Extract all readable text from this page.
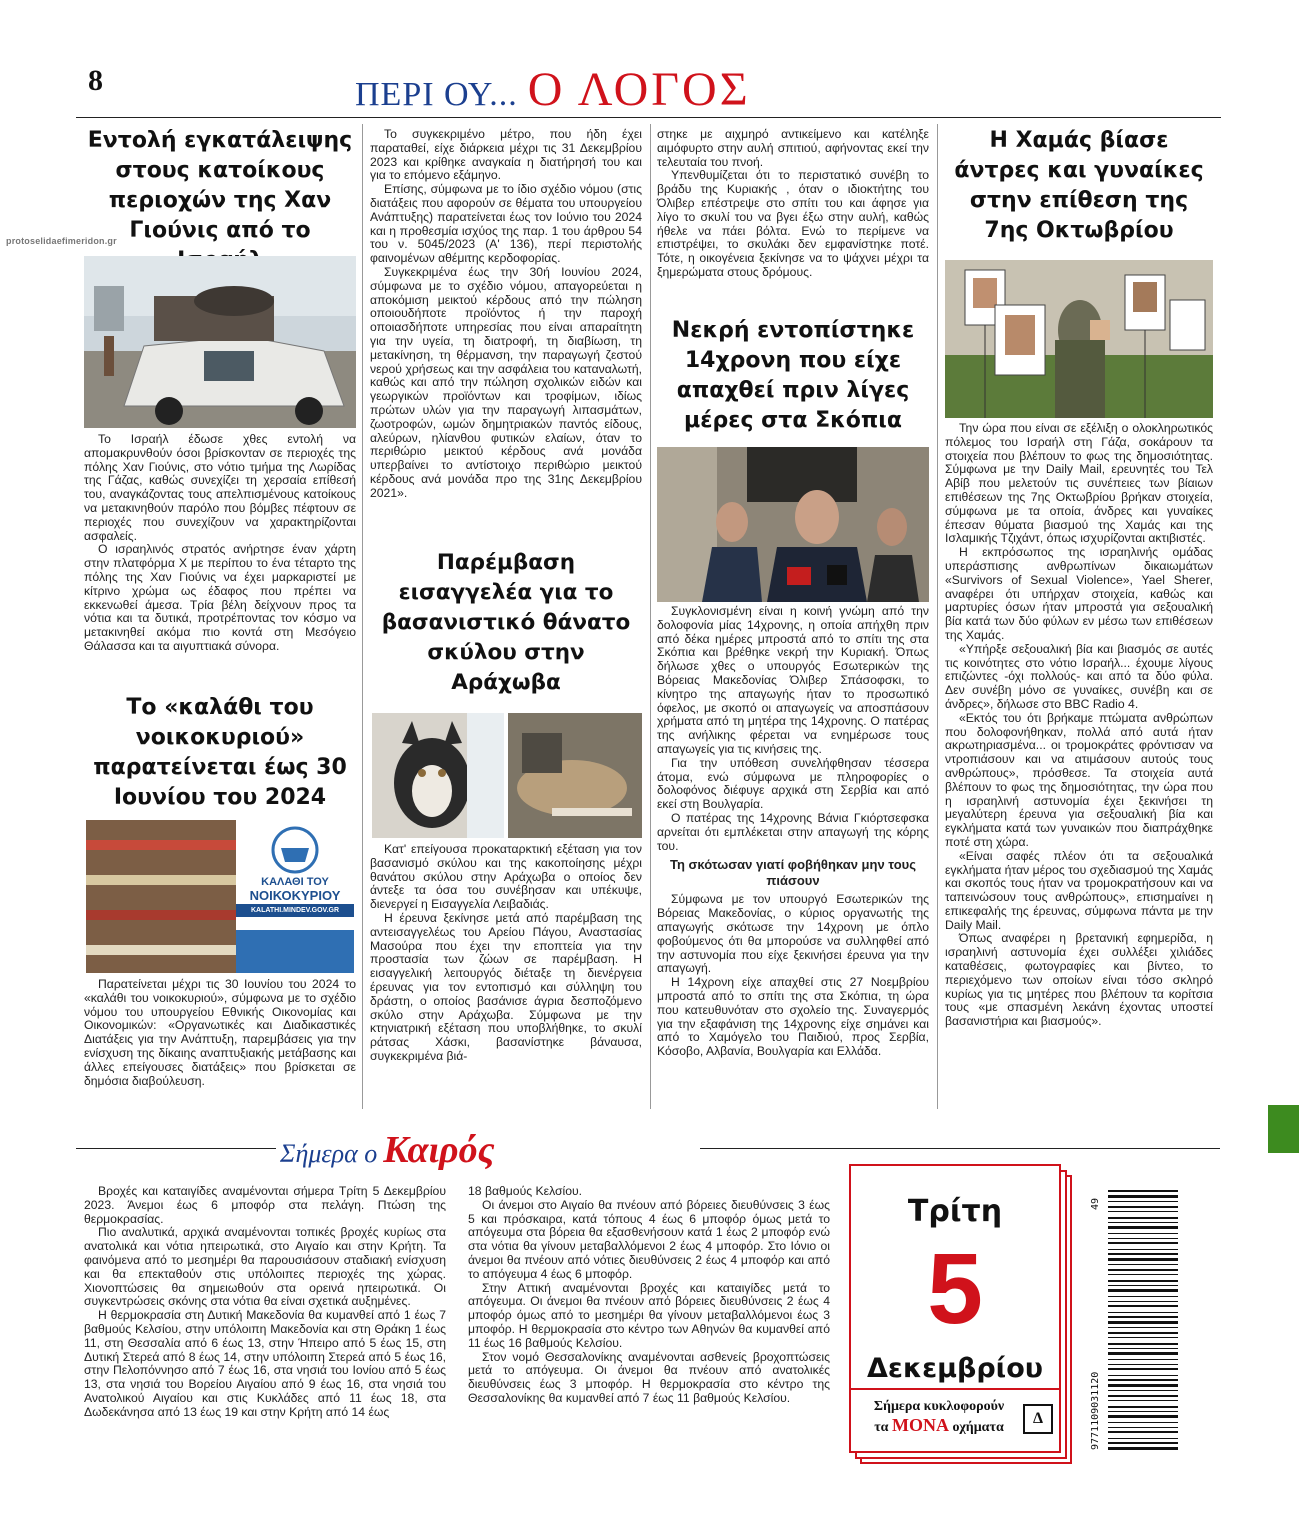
8	ΠΕΡΙ ΟΥ... Ο ΛΟΓΟΣ
protoselidaefimeridon.gr
Εντολή εγκατάλειψης στους κατοίκους περιοχών της Χαν Γιούνις από το

Το Ισραήλ έδωσε χθες εντολή να απομακρυνθούν όσοι βρίσκονταν σε περιοχές της πόλης Χαν Γιούνις, στο νότιο τμήμα της Λωρίδας της Γάζας, καθώς συνεχίζει τη χερσαία επίθεσή του, αναγκάζοντας τους απελπισμένους κατοίκους να μετακινηθούν παρόλο που βόμβες πέφτουν σε περιοχές που συνεχίζουν να χαρακτηρίζονται ασφαλείς.

Ο ισραηλινός στρατός ανήρτησε έναν χάρτη στην πλατφόρμα Χ με περίπου το ένα τέταρτο της πόλης της Χαν Γιούνις να έχει μαρκαριστεί με κίτρινο χρώμα ως έδαφος που πρέπει να εκκενωθεί άμεσα. Τρία βέλη δείχνουν προς τα νότια και τα δυτικά, προτρέποντας τον κόσμο να μετακινηθεί ακόμα πιο κοντά στη Μεσόγειο Θάλασσα και τα αιγυπτιακά σύνορα.

Το «καλάθι του νοικοκυριού» παρατείνεται έως 30 Ιουνίου του 2024
ΚΑΛΑΘΙ ΤΟΥ
ΝΟΙΚΟΚΥΡΙΟΥ
KALATHI.MINDEV.GOV.GR

Παρατείνεται μέχρι τις 30 Ιουνίου του 2024 το «καλάθι του νοικοκυριού», σύμφωνα με το σχέδιο νόμου του υπουργείου Εθνικής Οικονομίας και Οικονομικών: «Οργανωτικές και Διαδικαστικές Διατάξεις για την Ανάπτυξη, παρεμβάσεις για την ενίσχυση της δίκαιης αναπτυξιακής μετάβασης και άλλες επείγουσες διατάξεις» που βρίσκεται σε δημόσια διαβούλευση.

Το συγκεκριμένο μέτρο, που ήδη έχει παραταθεί, είχε διάρκεια μέχρι τις 31 Δεκεμβρίου 2023 και κρίθηκε αναγκαία η διατήρησή του και για το επόμενο εξάμηνο.

Επίσης, σύμφωνα με το ίδιο σχέδιο νόμου (στις διατάξεις που αφορούν σε θέματα του υπουργείου Ανάπτυξης) παρατείνεται έως τον Ιούνιο του 2024 και η προθεσμία ισχύος της παρ. 1 του άρθρου 54 του ν. 5045/2023 (Α' 136), περί περιστολής φαινομένων αθέμιτης κερδοφορίας.

Συγκεκριμένα έως την 30ή Ιουνίου 2024, σύμφωνα με το σχέδιο νόμου, απαγορεύεται η αποκόμιση μεικτού κέρδους από την πώληση οποιουδήποτε προϊόντος ή την παροχή οποιασδήποτε υπηρεσίας που είναι απαραίτητη για την υγεία, τη διατροφή, τη διαβίωση, τη μετακίνηση, τη θέρμανση, την παραγωγή ζεστού νερού χρήσεως και την ασφάλεια του καταναλωτή, καθώς και από την πώληση σχολικών ειδών και γεωργικών προϊόντων και τροφίμων, ιδίως πρώτων υλών για την παραγωγή λιπασμάτων, ζωοτροφών, ωμών δημητριακών παντός είδους, αλεύρων, ηλίανθου φυτικών ελαίων, όταν το περιθώριο μεικτού κέρδους ανά μονάδα υπερβαίνει το αντίστοιχο περιθώριο μεικτού κέρδους ανά μονάδα προ της 31ης Δεκεμβρίου 2021».

Παρέμβαση εισαγγελέα για το βασανιστικό θάνατο σκύλου στην Αράχωβα

Κατ' επείγουσα προκαταρκτική εξέταση για τον βασανισμό σκύλου και της κακοποίησης μέχρι θανάτου σκύλου στην Αράχωβα ο οποίος δεν άντεξε τα όσα του συνέβησαν και υπέκυψε, διενεργεί η Εισαγγελία Λειβαδιάς.

Η έρευνα ξεκίνησε μετά από παρέμβαση της αντεισαγγελέως του Αρείου Πάγου, Αναστασίας Μασούρα που έχει την εποπτεία για την προστασία των ζώων σε παρέμβαση. Η εισαγγελική λειτουργός διέταξε τη διενέργεια έρευνας για τον εντοπισμό και σύλληψη του δράστη, ο οποίος βασάνισε άγρια δεσποζόμενο σκύλο στην Αράχωβα. Σύμφωνα με την κτηνιατρική εξέταση που υποβλήθηκε, το σκυλί ράτσας Χάσκι, βασανίστηκε βάναυσα, συγκεκριμένα βιά-

στηκε με αιχμηρό αντικείμενο και κατέληξε αιμόφυρτο στην αυλή σπιτιού, αφήνοντας εκεί την τελευταία του πνοή.

Υπενθυμίζεται ότι το περιστατικό συνέβη το βράδυ της Κυριακής , όταν ο ιδιοκτήτης του Όλιβερ επέστρεψε στο σπίτι του και άφησε για λίγο το σκυλί του να βγει έξω στην αυλή, καθώς ήθελε να πάει βόλτα. Ενώ το περίμενε να επιστρέψει, το σκυλάκι δεν εμφανίστηκε ποτέ. Τότε, η οικογένεια ξεκίνησε να το ψάχνει μέχρι τα ξημερώματα στους δρόμους.

Νεκρή εντοπίστηκε 14χρονη που είχε απαχθεί πριν λίγες μέρες στα Σκόπια

Συγκλονισμένη είναι η κοινή γνώμη από την δολοφονία μίας 14χρονης, η οποία απήχθη πριν από δέκα ημέρες μπροστά από το σπίτι της στα Σκόπια και βρέθηκε νεκρή την Κυριακή. Όπως δήλωσε χθες ο υπουργός Εσωτερικών της Βόρειας Μακεδονίας Όλιβερ Σπάσοφσκι, το κίνητρο της απαγωγής ήταν το προσωπικό όφελος, με σκοπό οι απαγωγείς να αποσπάσουν χρήματα από τη μητέρα της 14χρονης. Ο πατέρας της ανήλικης φέρεται να ενημέρωσε τους απαγωγείς για τις κινήσεις της.

Για την υπόθεση συνελήφθησαν τέσσερα άτομα, ενώ σύμφωνα με πληροφορίες ο δολοφόνος διέφυγε αρχικά στη Σερβία και από εκεί στη Βουλγαρία.

Ο πατέρας της 14χρονης Βάνια Γκιόρτσεφσκα αρνείται ότι εμπλέκεται στην απαγωγή της κόρης του.

Τη σκότωσαν γιατί φοβήθηκαν μην τους πιάσουν

Σύμφωνα με τον υπουργό Εσωτερικών της Βόρειας Μακεδονίας, ο κύριος οργανωτής της απαγωγής σκότωσε την 14χρονη με όπλο φοβούμενος ότι θα μπορούσε να συλληφθεί από την αστυνομία που είχε ξεκινήσει έρευνα για την απαγωγή.

Η 14χρονη είχε απαχθεί στις 27 Νοεμβρίου μπροστά από το σπίτι της στα Σκόπια, τη ώρα που κατευθυνόταν στο σχολείο της. Συναγερμός για την εξαφάνιση της 14χρονης είχε σημάνει και από το Χαμόγελο του Παιδιού, προς Σερβία, Κόσοβο, Αλβανία, Βουλγαρία και Ελλάδα.

Η Χαμάς βίασε άντρες και γυναίκες στην επίθεση της 7ης Οκτωβρίου

Την ώρα που είναι σε εξέλιξη ο ολοκληρωτικός πόλεμος του Ισραήλ στη Γάζα, σοκάρουν τα στοιχεία που βλέπουν το φως της δημοσιότητας. Σύμφωνα με την Daily Mail, ερευνητές του Τελ Αβίβ που μελετούν τις συνέπειες των βίαιων επιθέσεων της 7ης Οκτωβρίου βρήκαν στοιχεία, σύμφωνα με τα οποία, άνδρες και γυναίκες έπεσαν θύματα βιασμού της Χαμάς και της Ισλαμικής Τζιχάντ, όπως ισχυρίζονται ακτιβιστές.

Η εκπρόσωπος της ισραηλινής ομάδας υπεράσπισης ανθρωπίνων δικαιωμάτων «Survivors of Sexual Violence», Yael Sherer, αναφέρει ότι υπήρχαν στοιχεία, καθώς και μαρτυρίες όσων ήταν μπροστά για σεξουαλική βία κατά των δύο φύλων εν μέσω των επιθέσεων της Χαμάς.

«Υπήρξε σεξουαλική βία και βιασμός σε αυτές τις κοινότητες στο νότιο Ισραήλ... έχουμε λίγους επιζώντες -όχι πολλούς- και από τα δύο φύλα. Δεν συνέβη μόνο σε γυναίκες, συνέβη και σε άνδρες», δήλωσε στο BBC Radio 4.

«Εκτός του ότι βρήκαμε πτώματα ανθρώπων που δολοφονήθηκαν, πολλά από αυτά ήταν ακρωτηριασμένα... οι τρομοκράτες φρόντισαν να ντροπιάσουν και να ατιμάσουν αυτούς τους ανθρώπους», πρόσθεσε. Τα στοιχεία αυτά βλέπουν το φως της δημοσιότητας, την ώρα που η ισραηλινή αστυνομία έχει ξεκινήσει τη μεγαλύτερη έρευνα για σεξουαλική βία και εγκλήματα κατά των γυναικών που διαπράχθηκε ποτέ στη χώρα.

«Είναι σαφές πλέον ότι τα σεξουαλικά εγκλήματα ήταν μέρος του σχεδιασμού της Χαμάς και σκοπός τους ήταν να τρομοκρατήσουν και να ταπεινώσουν τους ανθρώπους», επισημαίνει η επικεφαλής της έρευνας, σύμφωνα πάντα με την Daily Mail.

Όπως αναφέρει η βρετανική εφημερίδα, η ισραηλινή αστυνομία έχει συλλέξει χιλιάδες καταθέσεις, φωτογραφίες και βίντεο, το περιεχόμενο των οποίων είναι τόσο σκληρό κυρίως για τις μητέρες που βλέπουν τα κορίτσια τους «με σπασμένη λεκάνη έχοντας υποστεί βασανιστήρια και βιασμούς».

Σήμερα ο Καιρός

Βροχές και καταιγίδες αναμένονται σήμερα Τρίτη 5 Δεκεμβρίου 2023. Άνεμοι έως 6 μποφόρ στα πελάγη. Πτώση της θερμοκρασίας.

Πιο αναλυτικά, αρχικά αναμένονται τοπικές βροχές κυρίως στα ανατολικά και νότια ηπειρωτικά, στο Αιγαίο και στην Κρήτη. Τα φαινόμενα από το μεσημέρι θα παρουσιάσουν σταδιακή ενίσχυση και θα επεκταθούν στις υπόλοιπες περιοχές της χώρας. Χιονοπτώσεις θα σημειωθούν στα ορεινά ηπειρωτικά. Οι συγκεντρώσεις σκόνης στα νότια θα είναι σχετικά αυξημένες.

Η θερμοκρασία στη Δυτική Μακεδονία θα κυμανθεί από 1 έως 7 βαθμούς Κελσίου, στην υπόλοιπη Μακεδονία και στη Θράκη 1 έως 11, στη Θεσσαλία από 6 έως 13, στην Ήπειρο από 5 έως 15, στη Δυτική Στερεά από 8 έως 14, στην υπόλοιπη Στερεά από 5 έως 16, στην Πελοπόννησο από 7 έως 16, στα νησιά του Ιονίου από 5 έως 13, στα νησιά του Βορείου Αιγαίου από 9 έως 16, στα νησιά του Ανατολικού Αιγαίου και στις Κυκλάδες από 11 έως 18, στα Δωδεκάνησα από 13 έως 19 και στην Κρήτη από 14 έως

18 βαθμούς Κελσίου.

Οι άνεμοι στο Αιγαίο θα πνέουν από βόρειες διευθύνσεις 3 έως 5 και πρόσκαιρα, κατά τόπους 4 έως 6 μποφόρ όμως μετά το απόγευμα στα βόρεια θα εξασθενήσουν κατά 1 έως 2 μποφόρ ενώ στα νότια θα γίνουν μεταβαλλόμενοι 2 έως 4 μποφόρ. Στο Ιόνιο οι άνεμοι θα πνέουν από νότιες διευθύνσεις 2 έως 4 μποφόρ και από το απόγευμα 4 έως 6 μποφόρ.

Στην Αττική αναμένονται βροχές και καταιγίδες μετά το απόγευμα. Οι άνεμοι θα πνέουν από βόρειες διευθύνσεις 2 έως 4 μποφόρ όμως από το μεσημέρι θα γίνουν μεταβαλλόμενοι έως 3 μποφόρ. Η θερμοκρασία στο κέντρο των Αθηνών θα κυμανθεί από 11 έως 16 βαθμούς Κελσίου.

Στον νομό Θεσσαλονίκης αναμένονται ασθενείς βροχοπτώσεις μετά το απόγευμα. Οι άνεμοι θα πνέουν από ανατολικές διευθύνσεις έως 3 μποφόρ. Η θερμοκρασία στο κέντρο της Θεσσαλονίκης θα κυμανθεί από 7 έως 11 βαθμούς Κελσίου.

Τρίτη
5
Δεκεμβρίου
Σήμερα κυκλοφορούν
τα ΜΟΝΑ οχήματα
Δ	9771109031120
49
